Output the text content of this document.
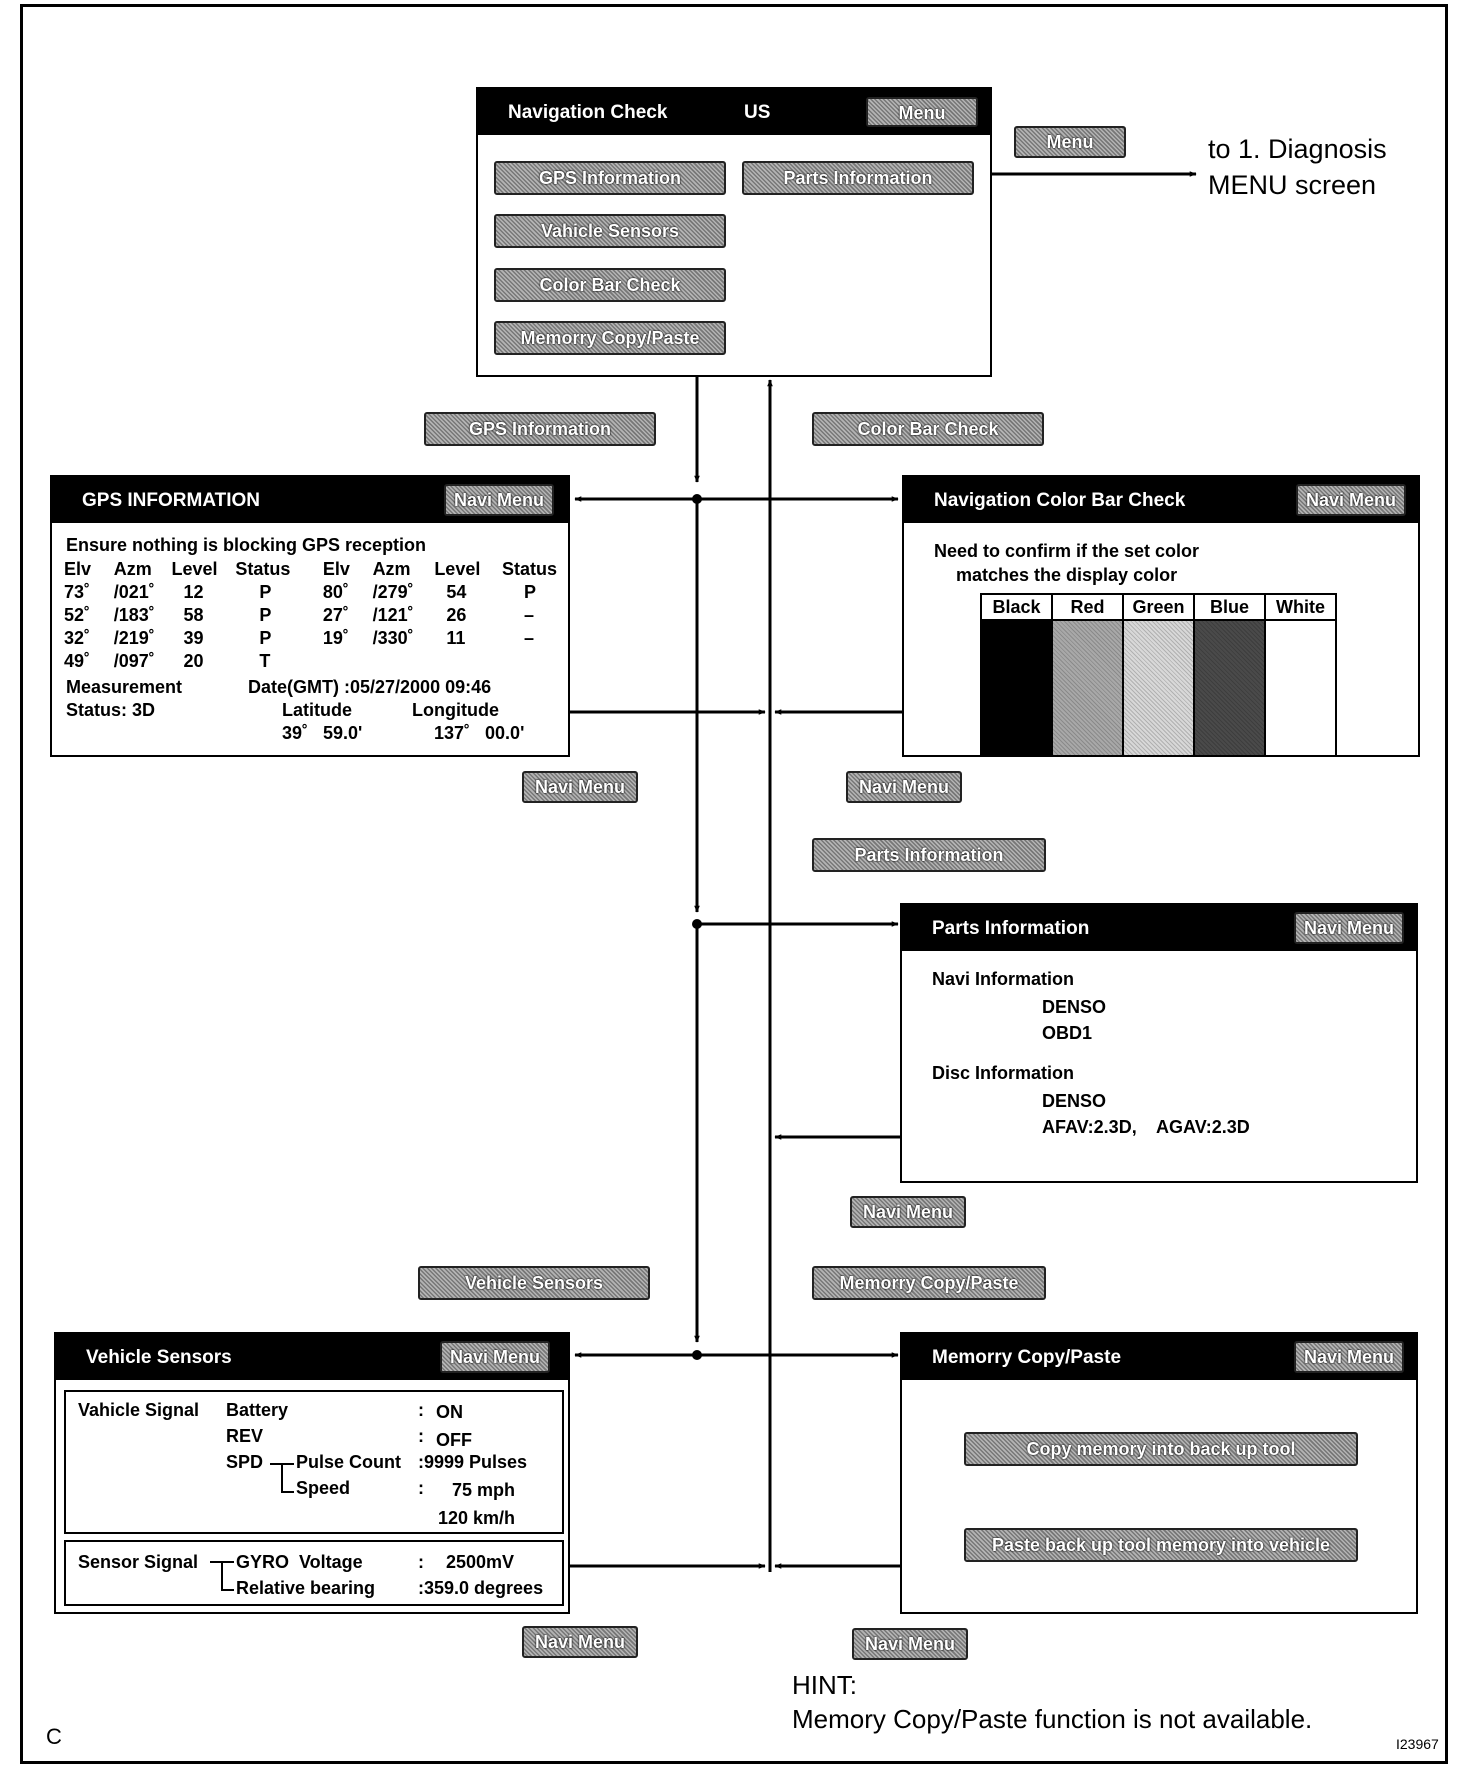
Navigation Check	US	Menu
GPS Information	Parts Information
Vahicle Sensors
Color Bar Check
Memorry Copy/Paste
Menu	to 1. Diagnosis
MENU screen
GPS Information	Color Bar Check
GPS INFORMATION	Navi Menu
Ensure nothing is blocking GPS reception
Elv	Azm	Level	Status	Elv	Azm	Level	Status
73˚	/021˚	12	P	80˚	/279˚	54	P
52˚	/183˚	58	P	27˚	/121˚	26	–
32˚	/219˚	39	P	19˚	/330˚	11	–
49˚	/097˚	20	T				
Measurement	Date(GMT) :05/27/2000 09:46
Status: 3D	Latitude	Longitude
39˚   59.0'	137˚   00.0'
Navigation Color Bar Check	Navi Menu
Need to confirm if the set color
matches the display color
Black	Red	Green	Blue	White

Navi Menu	Navi Menu
Parts Information
Parts Information	Navi Menu
Navi Information
DENSO
OBD1
Disc Information
DENSO
AFAV:2.3D,    AGAV:2.3D
Navi Menu
Vehicle Sensors	Memorry Copy/Paste
Vehicle Sensors	Navi Menu
Vahicle Signal Battery	: ON
REV	: OFF
SPD Pulse Count :9999 Pulses
Speed	: 75 mph
120 km/h
Sensor Signal GYRO  Voltage	: 2500mV
Relative bearing :359.0 degrees
Memorry Copy/Paste	Navi Menu
Copy memory into back up tool
Paste back up tool memory into vehicle
Navi Menu	Navi Menu
HINT:
Memory Copy/Paste function is not available.
C	I23967
